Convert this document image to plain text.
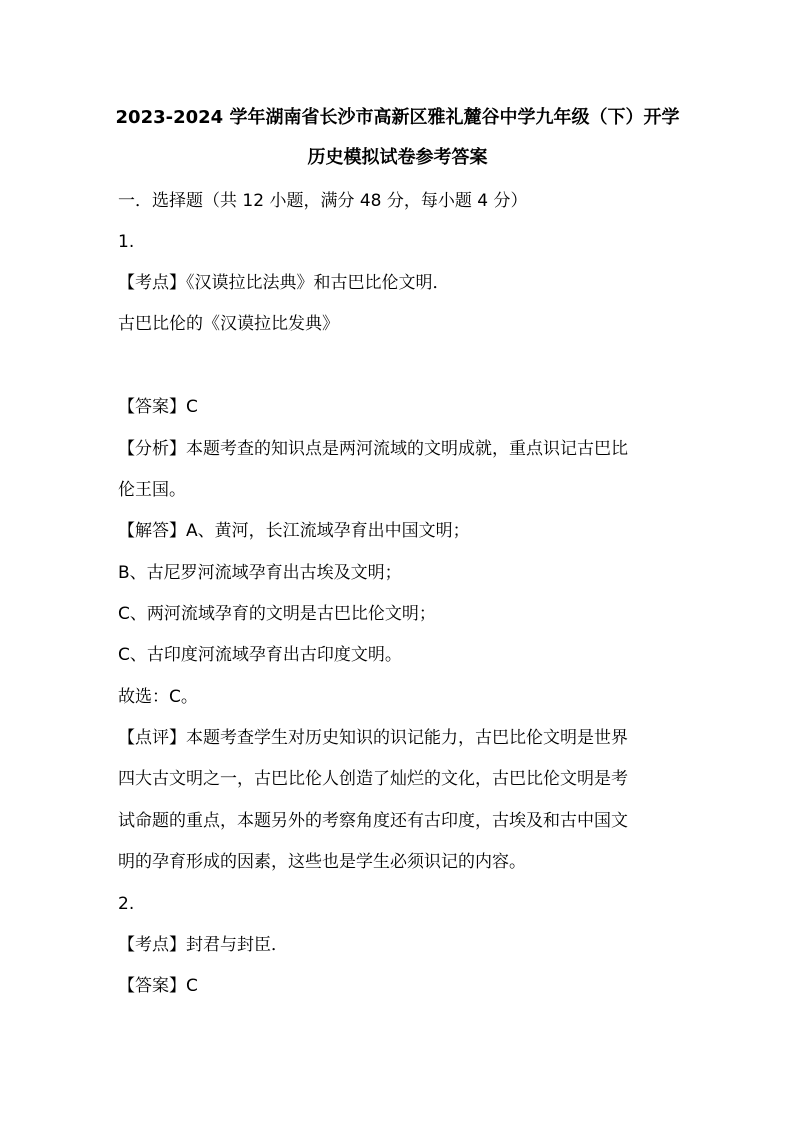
2023-2024 学年湖南省长沙市高新区雅礼麓谷中学九年级（下）开学
历史模拟试卷参考答案
一．选择题（共 12 小题，满分 48 分，每小题 4 分）
1.
【考点】《汉谟拉比法典》和古巴比伦文明．
古巴比伦的《汉谟拉比发典》
【答案】C
【分析】本题考查的知识点是两河流域的文明成就，重点识记古巴比
伦王国。
【解答】A、黄河，长江流域孕育出中国文明；
B、古尼罗河流域孕育出古埃及文明；
C、两河流域孕育的文明是古巴比伦文明；
C、古印度河流域孕育出古印度文明。
故选：C。
【点评】本题考查学生对历史知识的识记能力，古巴比伦文明是世界
四大古文明之一，古巴比伦人创造了灿烂的文化，古巴比伦文明是考
试命题的重点，本题另外的考察角度还有古印度，古埃及和古中国文
明的孕育形成的因素，这些也是学生必须识记的内容。
2.
【考点】封君与封臣．
【答案】C
